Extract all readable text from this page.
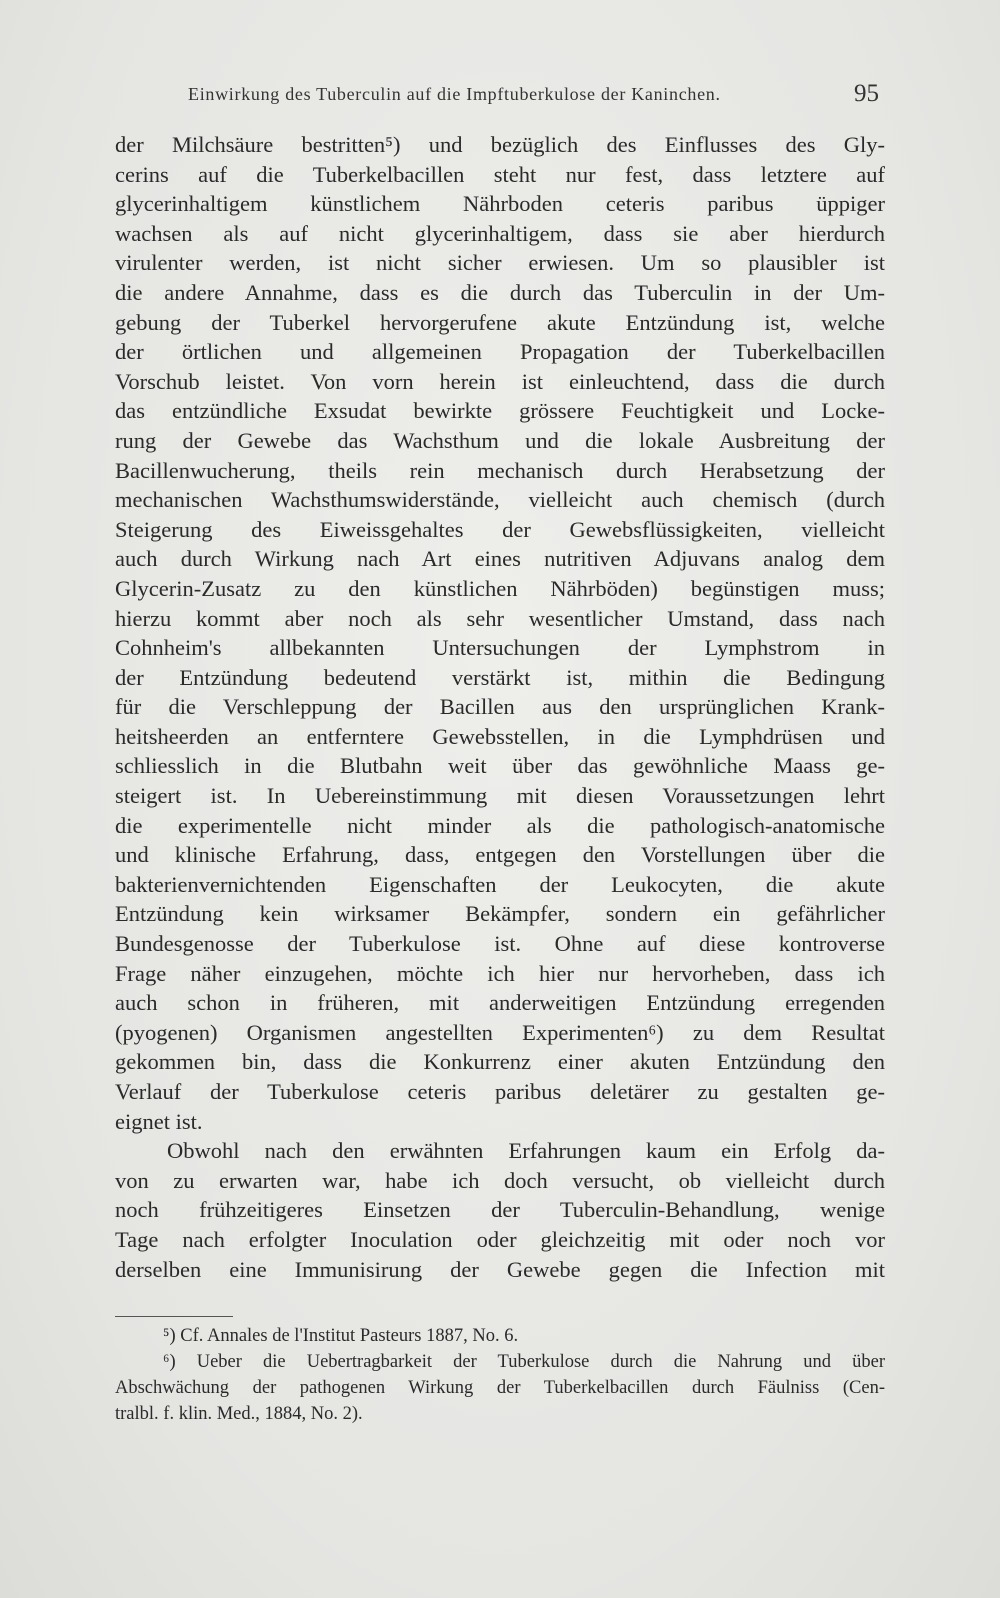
Einwirkung des Tuberculin auf die Impftuberkulose der Kaninchen.	95
der Milchsäure bestritten⁵) und bezüglich des Einflusses des Gly-
cerins auf die Tuberkelbacillen steht nur fest, dass letztere auf
glycerinhaltigem künstlichem Nährboden ceteris paribus üppiger
wachsen als auf nicht glycerinhaltigem, dass sie aber hierdurch
virulenter werden, ist nicht sicher erwiesen. Um so plausibler ist
die andere Annahme, dass es die durch das Tuberculin in der Um-
gebung der Tuberkel hervorgerufene akute Entzündung ist, welche
der örtlichen und allgemeinen Propagation der Tuberkelbacillen
Vorschub leistet. Von vorn herein ist einleuchtend, dass die durch
das entzündliche Exsudat bewirkte grössere Feuchtigkeit und Locke-
rung der Gewebe das Wachsthum und die lokale Ausbreitung der
Bacillenwucherung, theils rein mechanisch durch Herabsetzung der
mechanischen Wachsthumswiderstände, vielleicht auch chemisch (durch
Steigerung des Eiweissgehaltes der Gewebsflüssigkeiten, vielleicht
auch durch Wirkung nach Art eines nutritiven Adjuvans analog dem
Glycerin-Zusatz zu den künstlichen Nährböden) begünstigen muss;
hierzu kommt aber noch als sehr wesentlicher Umstand, dass nach
Cohnheim's allbekannten Untersuchungen der Lymphstrom in
der Entzündung bedeutend verstärkt ist, mithin die Bedingung
für die Verschleppung der Bacillen aus den ursprünglichen Krank-
heitsheerden an entferntere Gewebsstellen, in die Lymphdrüsen und
schliesslich in die Blutbahn weit über das gewöhnliche Maass ge-
steigert ist. In Uebereinstimmung mit diesen Voraussetzungen lehrt
die experimentelle nicht minder als die pathologisch-anatomische
und klinische Erfahrung, dass, entgegen den Vorstellungen über die
bakterienvernichtenden Eigenschaften der Leukocyten, die akute
Entzündung kein wirksamer Bekämpfer, sondern ein gefährlicher
Bundesgenosse der Tuberkulose ist. Ohne auf diese kontroverse
Frage näher einzugehen, möchte ich hier nur hervorheben, dass ich
auch schon in früheren, mit anderweitigen Entzündung erregenden
(pyogenen) Organismen angestellten Experimenten⁶) zu dem Resultat
gekommen bin, dass die Konkurrenz einer akuten Entzündung den
Verlauf der Tuberkulose ceteris paribus deletärer zu gestalten ge-
eignet ist.
Obwohl nach den erwähnten Erfahrungen kaum ein Erfolg da-
von zu erwarten war, habe ich doch versucht, ob vielleicht durch
noch frühzeitigeres Einsetzen der Tuberculin-Behandlung, wenige
Tage nach erfolgter Inoculation oder gleichzeitig mit oder noch vor
derselben eine Immunisirung der Gewebe gegen die Infection mit
⁵) Cf. Annales de l'Institut Pasteurs 1887, No. 6.
⁶) Ueber die Uebertragbarkeit der Tuberkulose durch die Nahrung und über
Abschwächung der pathogenen Wirkung der Tuberkelbacillen durch Fäulniss (Cen-
tralbl. f. klin. Med., 1884, No. 2).
